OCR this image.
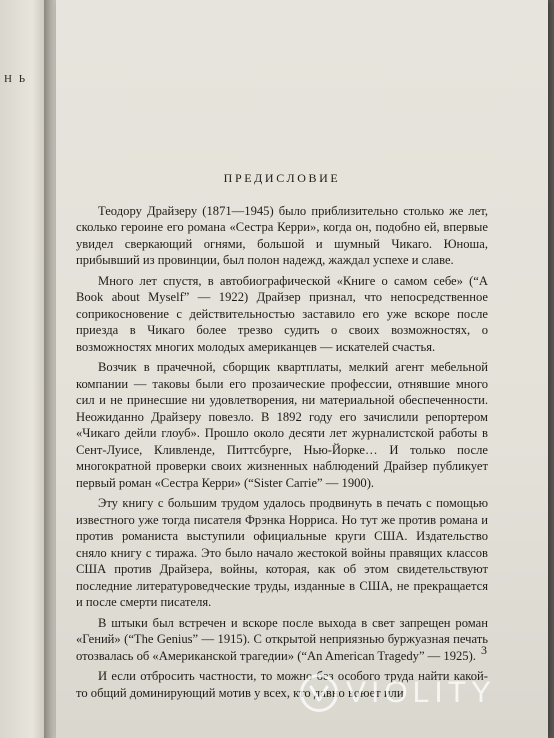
Н Ь
ПРЕДИСЛОВИЕ

Теодору Драйзеру (1871—1945) было приблизительно столько же лет, сколько героине его романа «Сестра Керри», когда он, подобно ей, впервые увидел сверкающий огнями, большой и шумный Чикаго. Юноша, прибывший из провинции, был полон надежд, жаждал успехе и славе.

Много лет спустя, в автобиографической «Книге о самом себе» (“A Book about Myself” — 1922) Драйзер признал, что непосредственное соприкосновение с действительностью заставило его уже вскоре после приезда в Чикаго более трезво судить о своих возможностях, о возможностях многих молодых американцев — искателей счастья.

Возчик в прачечной, сборщик квартплаты, мелкий агент мебельной компании — таковы были его прозаические профессии, отнявшие много сил и не принесшие ни удовлетворения, ни материальной обеспеченности. Неожиданно Драйзеру повезло. В 1892 году его зачислили репортером «Чикаго дейли глоуб». Прошло около десяти лет журналистской работы в Сент-Луисе, Кливленде, Питтсбурге, Нью-Йорке… И только после многократной проверки своих жизненных наблюдений Драйзер публикует первый роман «Сестра Керри» (“Sister Carrie” — 1900).

Эту книгу с большим трудом удалось продвинуть в печать с помощью известного уже тогда писателя Фрэнка Норриса. Но тут же против романа и против романиста выступили официальные круги США. Издательство сняло книгу с тиража. Это было начало жестокой войны правящих классов США против Драйзера, войны, которая, как об этом свидетельствуют последние литературоведческие труды, изданные в США, не прекращается и после смерти писателя.

В штыки был встречен и вскоре после выхода в свет запрещен роман «Гений» (“The Genius” — 1915). С открытой неприязнью буржуазная печать отозвалась об «Американской трагедии» (“An American Tragedy” — 1925).

И если отбросить частности, то можно без особого труда найти какой-то общий доминирующий мотив у всех, кто давно воюет или

3
VIOLITY
